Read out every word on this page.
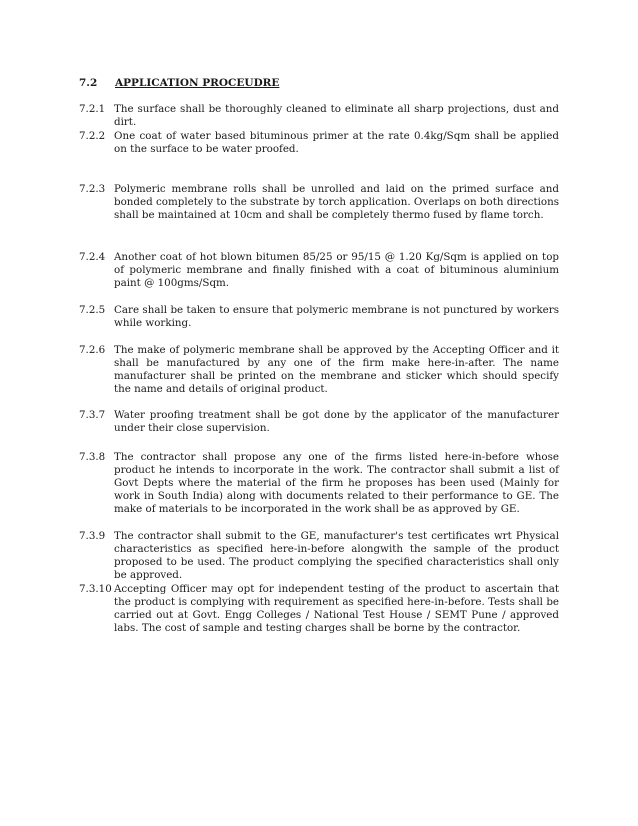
7.2 APPLICATION PROCEUDRE
7.2.1 The surface shall be thoroughly cleaned to eliminate all sharp projections, dust and dirt.
7.2.2 One coat of water based bituminous primer at the rate 0.4kg/Sqm shall be applied on the surface to be water proofed.
7.2.3 Polymeric membrane rolls shall be unrolled and laid on the primed surface and bonded completely to the substrate by torch application. Overlaps on both directions shall be maintained at 10cm and shall be completely thermo fused by flame torch.
7.2.4 Another coat of hot blown bitumen 85/25 or 95/15 @ 1.20 Kg/Sqm is applied on top of polymeric membrane and finally finished with a coat of bituminous aluminium paint @ 100gms/Sqm.
7.2.5 Care shall be taken to ensure that polymeric membrane is not punctured by workers while working.
7.2.6 The make of polymeric membrane shall be approved by the Accepting Officer and it shall be manufactured by any one of the firm make here-in-after. The name manufacturer shall be printed on the membrane and sticker which should specify the name and details of original product.
7.3.7 Water proofing treatment shall be got done by the applicator of the manufacturer under their close supervision.
7.3.8 The contractor shall propose any one of the firms listed here-in-before whose product he intends to incorporate in the work. The contractor shall submit a list of Govt Depts where the material of the firm he proposes has been used (Mainly for work in South India) along with documents related to their performance to GE. The make of materials to be incorporated in the work shall be as approved by GE.
7.3.9 The contractor shall submit to the GE, manufacturer's test certificates wrt Physical characteristics as specified here-in-before alongwith the sample of the product proposed to be used. The product complying the specified characteristics shall only be approved.
7.3.10 Accepting Officer may opt for independent testing of the product to ascertain that the product is complying with requirement as specified here-in-before. Tests shall be carried out at Govt. Engg Colleges / National Test House / SEMT Pune / approved labs. The cost of sample and testing charges shall be borne by the contractor.
